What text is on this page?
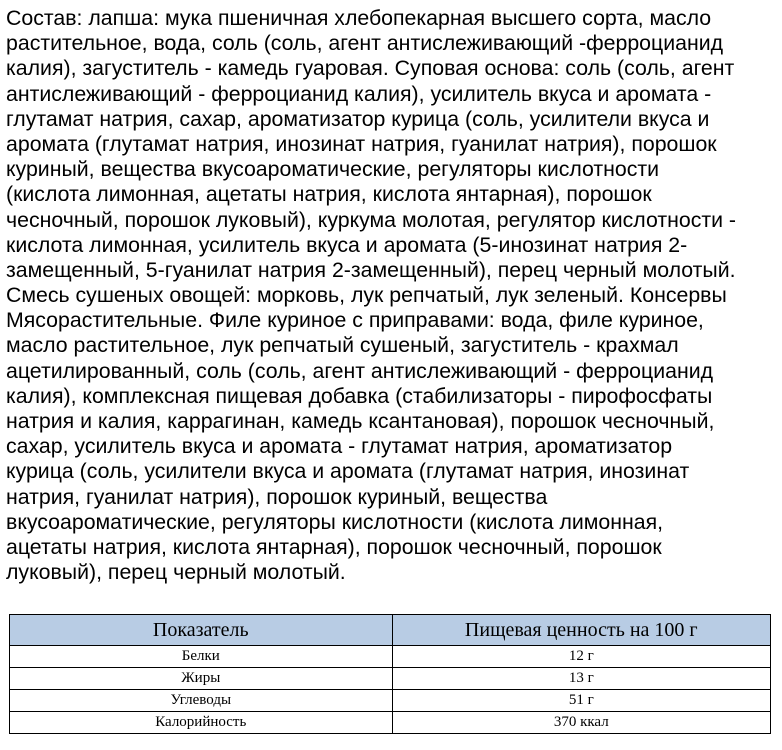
Состав: лапша: мука пшеничная хлебопекарная высшего сорта, масло
растительное, вода, соль (соль, агент антислеживающий -ферроцианид
калия), загуститель - камедь гуаровая. Суповая основа: соль (соль, агент
антислеживающий - ферроцианид калия), усилитель вкуса и аромата -
глутамат натрия, сахар, ароматизатор курица (соль, усилители вкуса и
аромата (глутамат натрия, инозинат натрия, гуанилат натрия), порошок
куриный, вещества вкусоароматические, регуляторы кислотности
(кислота лимонная, ацетаты натрия, кислота янтарная), порошок
чесночный, порошок луковый), куркума молотая, регулятор кислотности -
кислота лимонная, усилитель вкуса и аромата (5-инозинат натрия 2-
замещенный, 5-гуанилат натрия 2-замещенный), перец черный молотый.
Смесь сушеных овощей: морковь, лук репчатый, лук зеленый. Консервы
Мясорастительные. Филе куриное с приправами: вода, филе куриное,
масло растительное, лук репчатый сушеный, загуститель - крахмал
ацетилированный, соль (соль, агент антислеживающий - ферроцианид
калия), комплексная пищевая добавка (стабилизаторы - пирофосфаты
натрия и калия, каррагинан, камедь ксантановая), порошок чесночный,
сахар, усилитель вкуса и аромата - глутамат натрия, ароматизатор
курица (соль, усилители вкуса и аромата (глутамат натрия, инозинат
натрия, гуанилат натрия), порошок куриный, вещества
вкусоароматические, регуляторы кислотности (кислота лимонная,
ацетаты натрия, кислота янтарная), порошок чесночный, порошок
луковый), перец черный молотый.
Показатель	Пищевая ценность на 100 г
Белки	12 г
Жиры	13 г
Углеводы	51 г
Калорийность	370 ккал
